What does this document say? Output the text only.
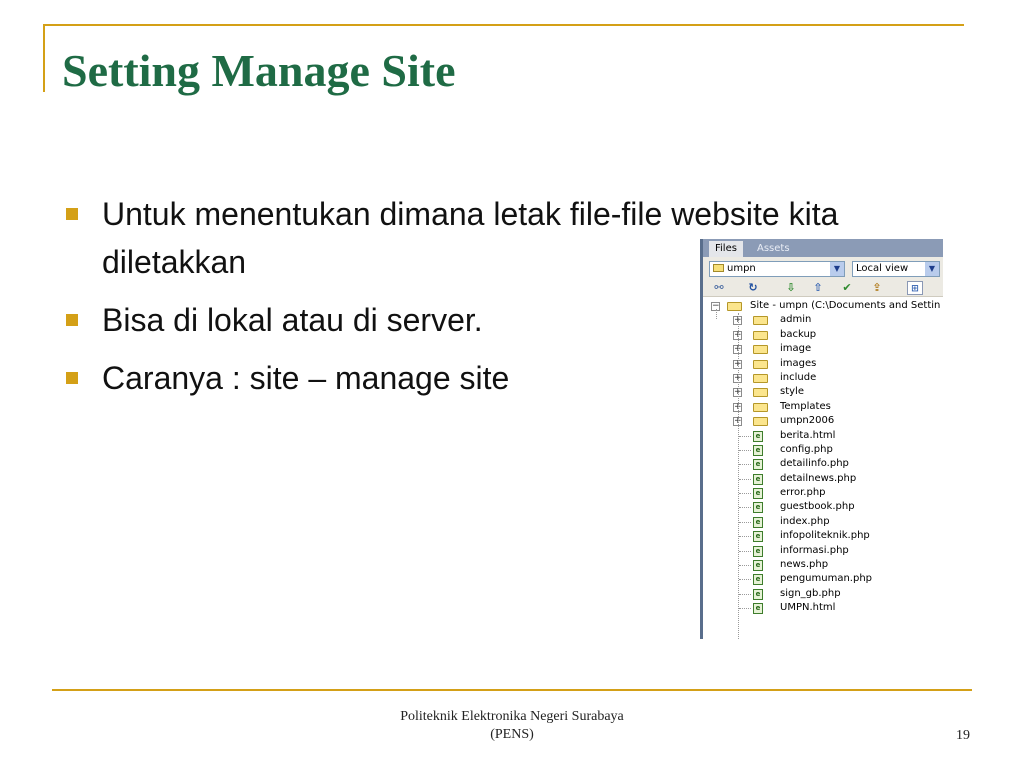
Setting Manage Site
Untuk menentukan dimana letak file-file website kita diletakkan
Bisa di lokal atau di server.
Caranya : site – manage site
Files	Assets
umpn	▼	Local view	▼
⚯	↻	⇩	⇧	✔	⇪	⊞
−	Site - umpn (C:\Documents and Settin
+	admin
+	backup
+	image
+	images
+	include
+	style
+	Templates
+	umpn2006
e berita.html
e config.php
e detailinfo.php
e detailnews.php
e error.php
e guestbook.php
e index.php
e infopoliteknik.php
e informasi.php
e news.php
e pengumuman.php
e sign_gb.php
e UMPN.html
Politeknik Elektronika Negeri Surabaya
(PENS)	19
